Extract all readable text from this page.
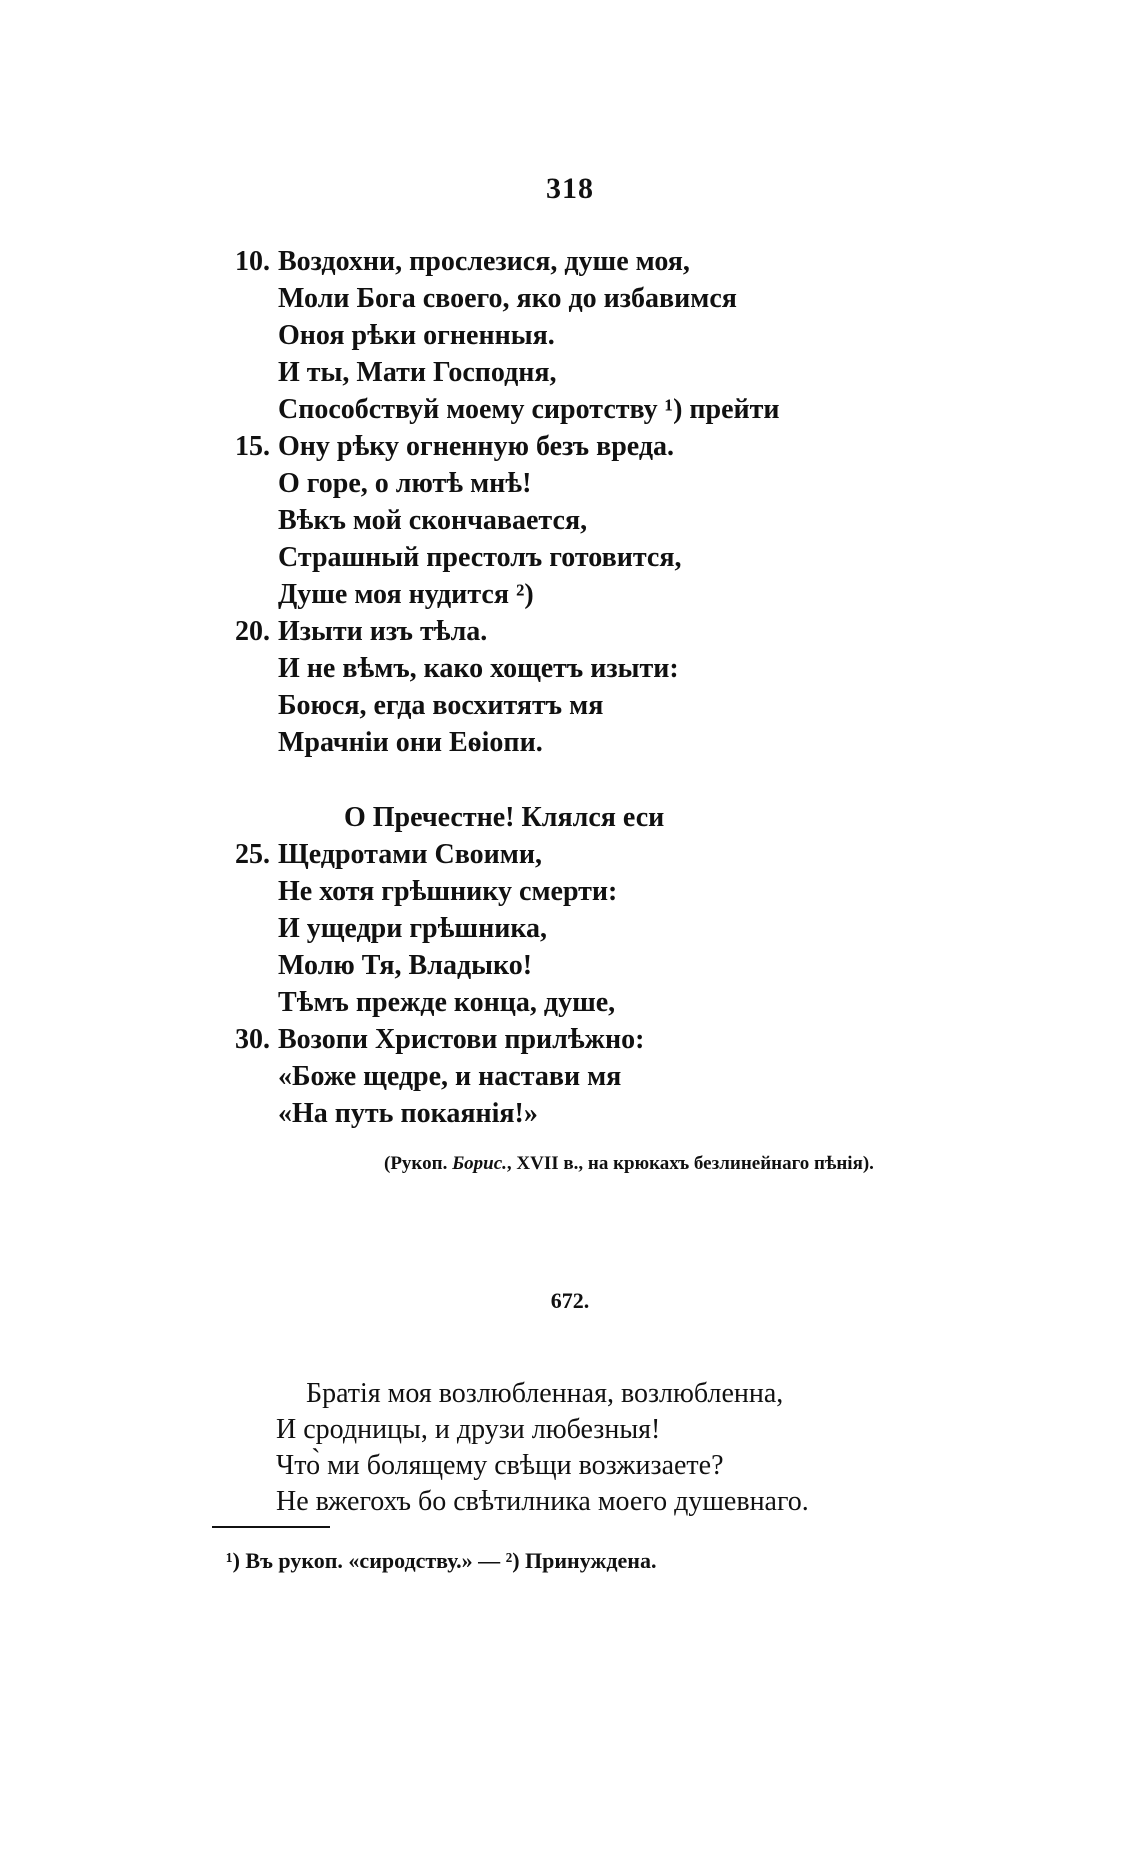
318
10. Воздохни, прослезися, душе моя,
Моли Бога своего, яко до избавимся
Оноя рѣки огненныя.
И ты, Мати Господня,
Способствуй моему сиротству ¹) прейти
15. Ону рѣку огненную безъ вреда.
О горе, о лютѣ мнѣ!
Вѣкъ мой скончавается,
Страшный престолъ готовится,
Душе моя нудится ²)
20. Изыти изъ тѣла.
И не вѣмъ, како хощетъ изыти:
Боюся, егда восхитятъ мя
Мрачніи они Еѳіопи.
О Пречестне! Клялся еси
25. Щедротами Своими,
Не хотя грѣшнику смерти:
И ущедри грѣшника,
Молю Тя, Владыко!
Тѣмъ прежде конца, душе,
30. Возопи Христови прилѣжно:
«Боже щедре, и настави мя
«На путь покаянія!»
(Рукоп. Борис., XVII в., на крюкахъ безлинейнаго пѣнія).
672.
Братія моя возлюбленная, возлюбленна,
И сродницы, и друзи любезныя!
Что̀ ми болящему свѣщи возжизаете?
Не вжегохъ бо свѣтилника моего душевнаго.
¹) Въ рукоп. «сиродству.» — ²) Принуждена.
